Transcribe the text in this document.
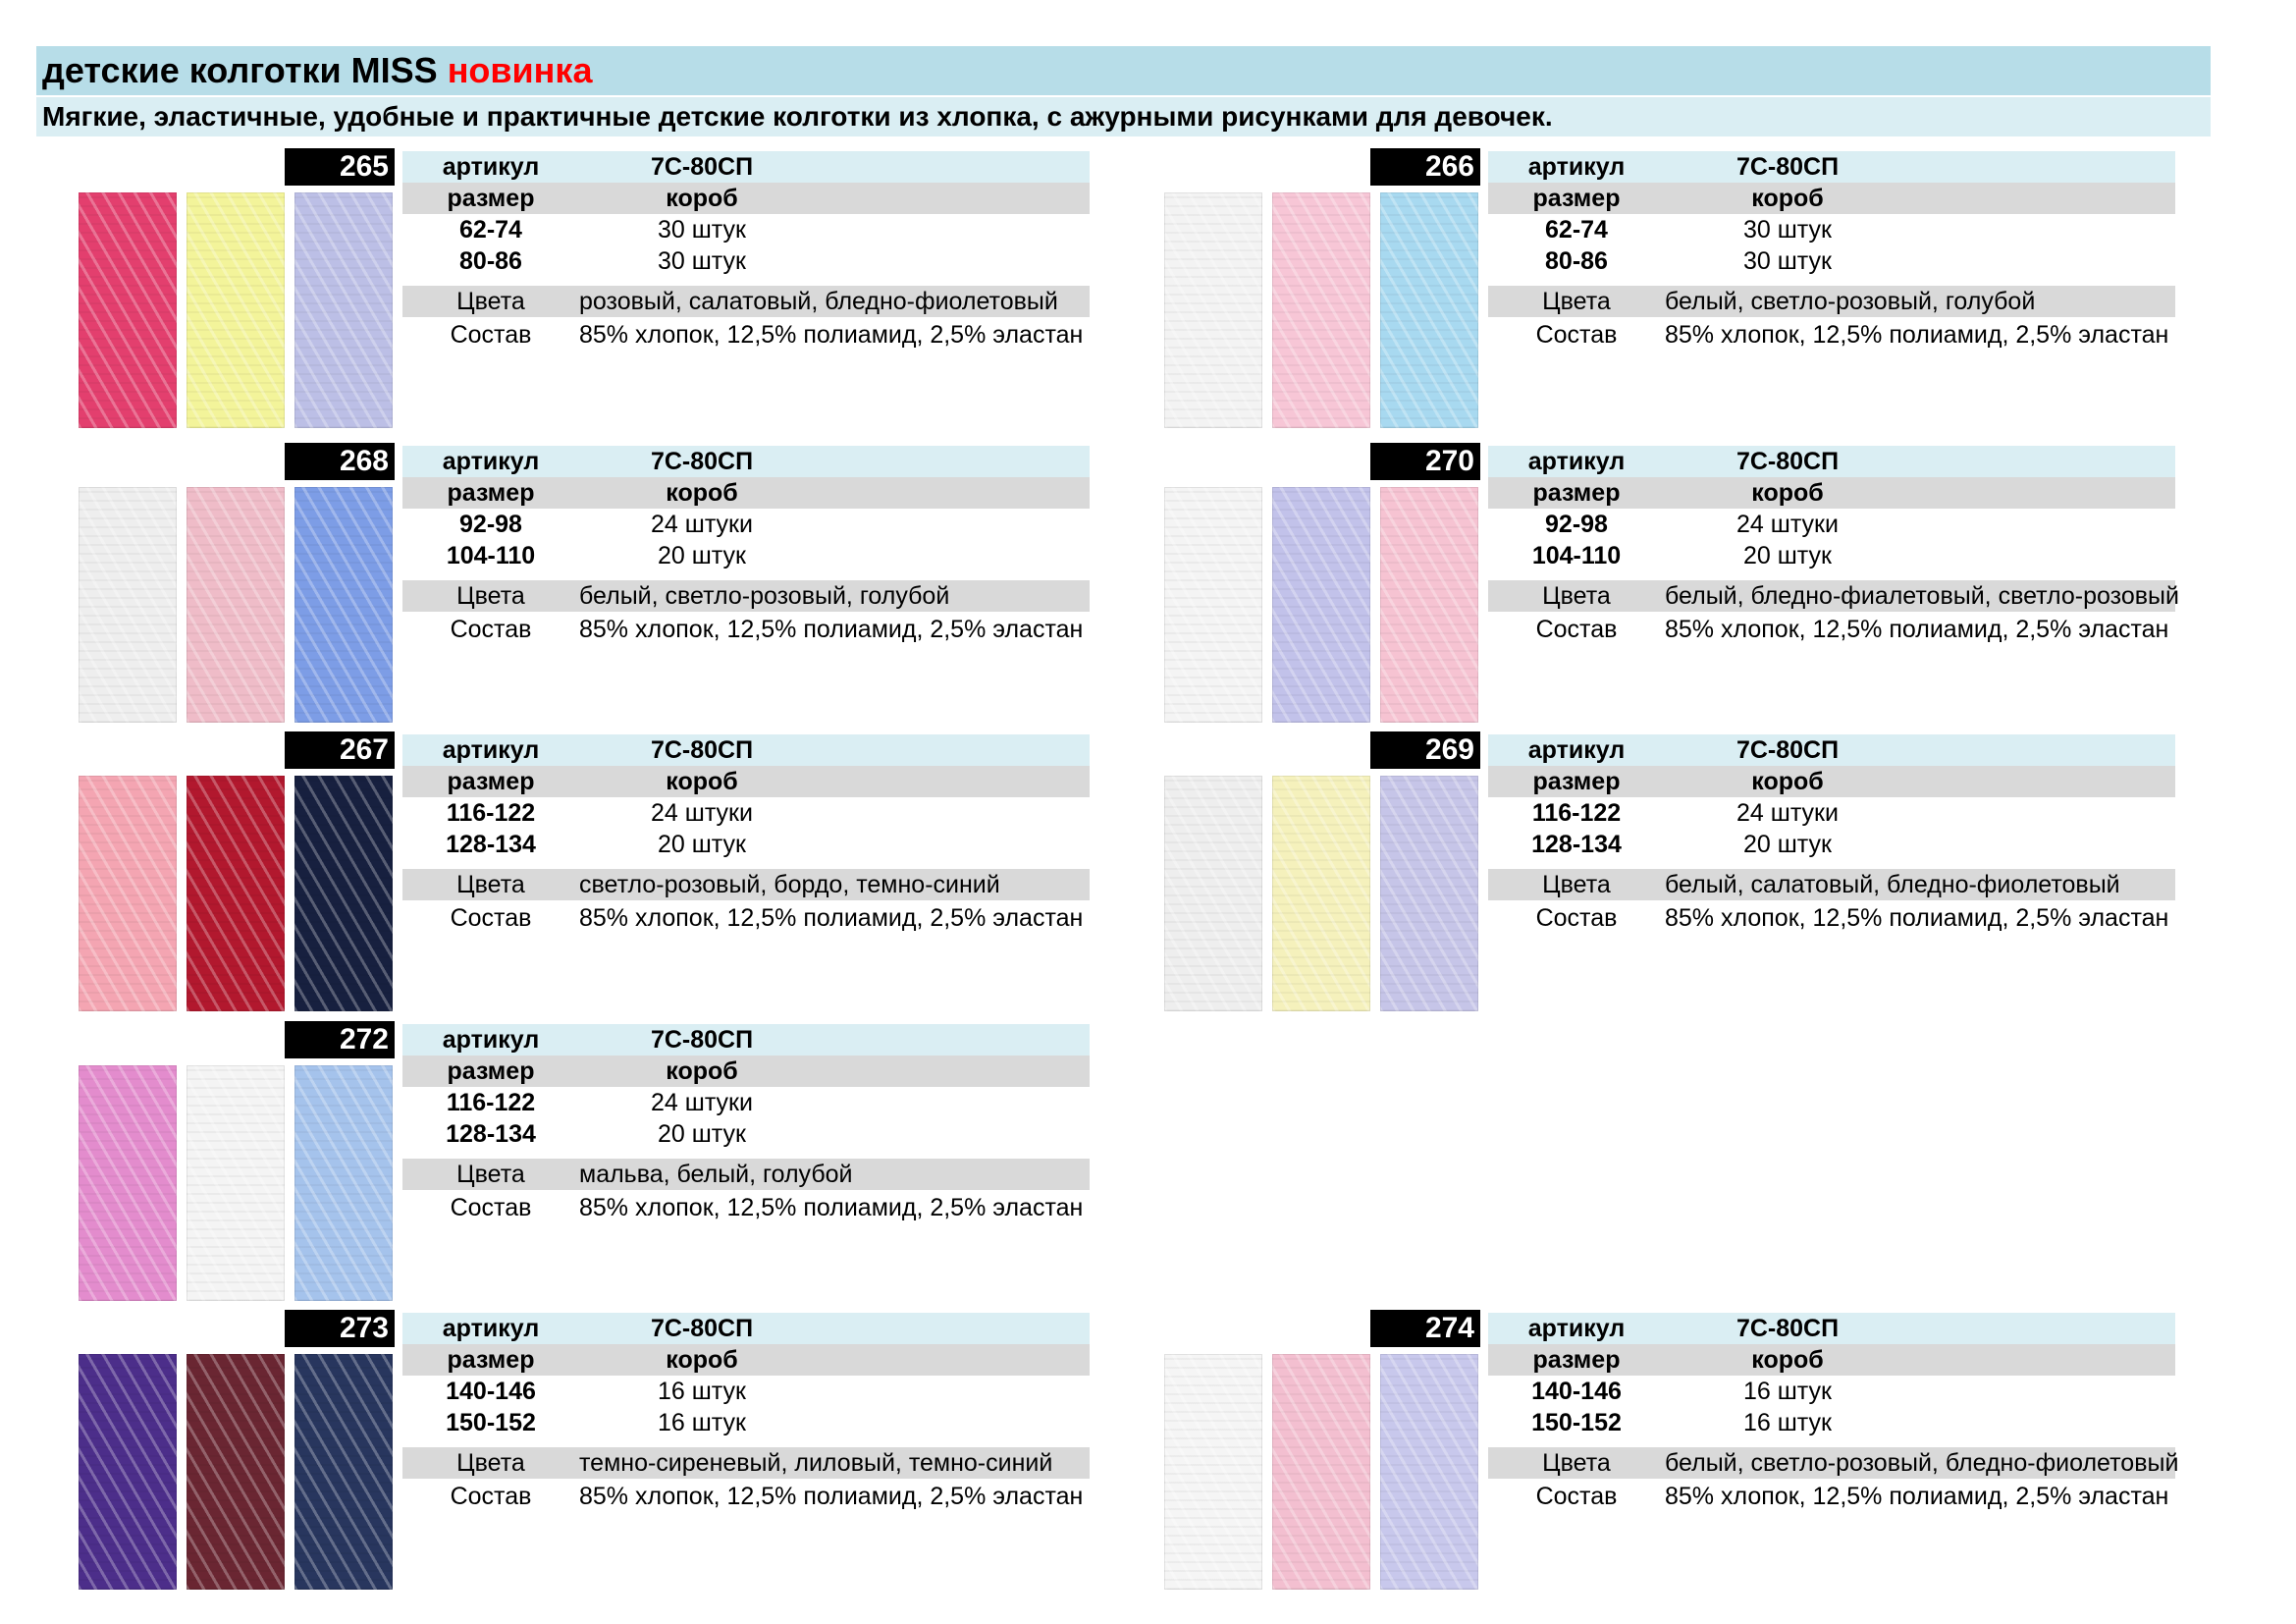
детские колготки MISS новинка
Мягкие, эластичные, удобные и практичные детские колготки из хлопка, с ажурными рисунками для девочек.
265	артикул	7С-80СП
размер	короб
62-74	30 штук
80-86	30 штук
Цвета	розовый, салатовый, бледно-фиолетовый
Состав	85% хлопок, 12,5% полиамид, 2,5% эластан
266	артикул	7С-80СП
размер	короб
62-74	30 штук
80-86	30 штук
Цвета	белый, светло-розовый, голубой
Состав	85% хлопок, 12,5% полиамид, 2,5% эластан
268	артикул	7С-80СП
размер	короб
92-98	24 штуки
104-110	20 штук
Цвета	белый, светло-розовый, голубой
Состав	85% хлопок, 12,5% полиамид, 2,5% эластан
270	артикул	7С-80СП
размер	короб
92-98	24 штуки
104-110	20 штук
Цвета	белый, бледно-фиалетовый, светло-розовый
Состав	85% хлопок, 12,5% полиамид, 2,5% эластан
267	артикул	7С-80СП
размер	короб
116-122	24 штуки
128-134	20 штук
Цвета	светло-розовый, бордо, темно-синий
Состав	85% хлопок, 12,5% полиамид, 2,5% эластан
269	артикул	7С-80СП
размер	короб
116-122	24 штуки
128-134	20 штук
Цвета	белый, салатовый, бледно-фиолетовый
Состав	85% хлопок, 12,5% полиамид, 2,5% эластан
272	артикул	7С-80СП
размер	короб
116-122	24 штуки
128-134	20 штук
Цвета	мальва, белый, голубой
Состав	85% хлопок, 12,5% полиамид, 2,5% эластан
273	артикул	7С-80СП
размер	короб
140-146	16 штук
150-152	16 штук
Цвета	темно-сиреневый, лиловый, темно-синий
Состав	85% хлопок, 12,5% полиамид, 2,5% эластан
274	артикул	7С-80СП
размер	короб
140-146	16 штук
150-152	16 штук
Цвета	белый, светло-розовый, бледно-фиолетовый
Состав	85% хлопок, 12,5% полиамид, 2,5% эластан
